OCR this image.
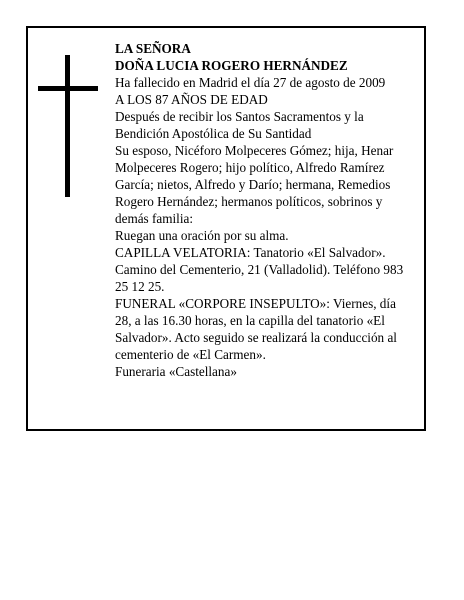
LA SEÑORA

DOÑA LUCIA ROGERO HERNÁNDEZ

Ha fallecido en Madrid el día 27 de agosto de 2009

A LOS 87 AÑOS DE EDAD

Después de recibir los Santos Sacramentos y la Bendición Apostólica de Su Santidad

Su esposo, Nicéforo Molpeceres Gómez; hija, Henar Molpeceres Rogero; hijo político, Alfredo Ramírez García; nietos, Alfredo y Darío; hermana, Remedios Rogero Hernández; hermanos políticos, sobrinos y demás familia:

Ruegan una oración por su alma.

CAPILLA VELATORIA: Tanatorio «El Salvador». Camino del Cementerio, 21 (Valladolid). Teléfono 983 25 12 25.

FUNERAL «CORPORE INSEPULTO»: Viernes, día 28, a las 16.30 horas, en la capilla del tanatorio «El Salvador». Acto seguido se realizará la conducción al cementerio de «El Carmen».

Funeraria «Castellana»
